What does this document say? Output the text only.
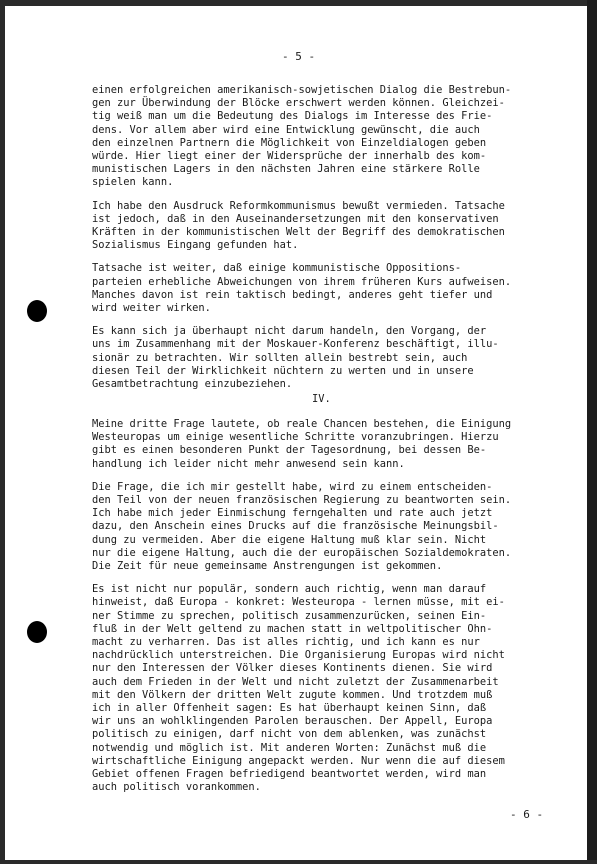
- 5 -
einen erfolgreichen amerikanisch-sowjetischen Dialog die Bestrebun-
gen zur Überwindung der Blöcke erschwert werden können. Gleichzei-
tig weiß man um die Bedeutung des Dialogs im Interesse des Frie-
dens. Vor allem aber wird eine Entwicklung gewünscht, die auch
den einzelnen Partnern die Möglichkeit von Einzeldialogen geben
würde. Hier liegt einer der Widersprüche der innerhalb des kom-
munistischen Lagers in den nächsten Jahren eine stärkere Rolle
spielen kann.
Ich habe den Ausdruck Reformkommunismus bewußt vermieden. Tatsache
ist jedoch, daß in den Auseinandersetzungen mit den konservativen
Kräften in der kommunistischen Welt der Begriff des demokratischen
Sozialismus Eingang gefunden hat.
Tatsache ist weiter, daß einige kommunistische Oppositions-
parteien erhebliche Abweichungen von ihrem früheren Kurs aufweisen.
Manches davon ist rein taktisch bedingt, anderes geht tiefer und
wird weiter wirken.
Es kann sich ja überhaupt nicht darum handeln, den Vorgang, der
uns im Zusammenhang mit der Moskauer-Konferenz beschäftigt, illu-
sionär zu betrachten. Wir sollten allein bestrebt sein, auch
diesen Teil der Wirklichkeit nüchtern zu werten und in unsere
Gesamtbetrachtung einzubeziehen.
IV.
Meine dritte Frage lautete, ob reale Chancen bestehen, die Einigung
Westeuropas um einige wesentliche Schritte voranzubringen. Hierzu
gibt es einen besonderen Punkt der Tagesordnung, bei dessen Be-
handlung ich leider nicht mehr anwesend sein kann.
Die Frage, die ich mir gestellt habe, wird zu einem entscheiden-
den Teil von der neuen französischen Regierung zu beantworten sein.
Ich habe mich jeder Einmischung ferngehalten und rate auch jetzt
dazu, den Anschein eines Drucks auf die französische Meinungsbil-
dung zu vermeiden. Aber die eigene Haltung muß klar sein. Nicht
nur die eigene Haltung, auch die der europäischen Sozialdemokraten.
Die Zeit für neue gemeinsame Anstrengungen ist gekommen.
Es ist nicht nur populär, sondern auch richtig, wenn man darauf
hinweist, daß Europa - konkret: Westeuropa - lernen müsse, mit ei-
ner Stimme zu sprechen, politisch zusammenzurücken, seinen Ein-
fluß in der Welt geltend zu machen statt in weltpolitischer Ohn-
macht zu verharren. Das ist alles richtig, und ich kann es nur
nachdrücklich unterstreichen. Die Organisierung Europas wird nicht
nur den Interessen der Völker dieses Kontinents dienen. Sie wird
auch dem Frieden in der Welt und nicht zuletzt der Zusammenarbeit
mit den Völkern der dritten Welt zugute kommen. Und trotzdem muß
ich in aller Offenheit sagen: Es hat überhaupt keinen Sinn, daß
wir uns an wohlklingenden Parolen berauschen. Der Appell, Europa
politisch zu einigen, darf nicht von dem ablenken, was zunächst
notwendig und möglich ist. Mit anderen Worten: Zunächst muß die
wirtschaftliche Einigung angepackt werden. Nur wenn die auf diesem
Gebiet offenen Fragen befriedigend beantwortet werden, wird man
auch politisch vorankommen.
- 6 -
